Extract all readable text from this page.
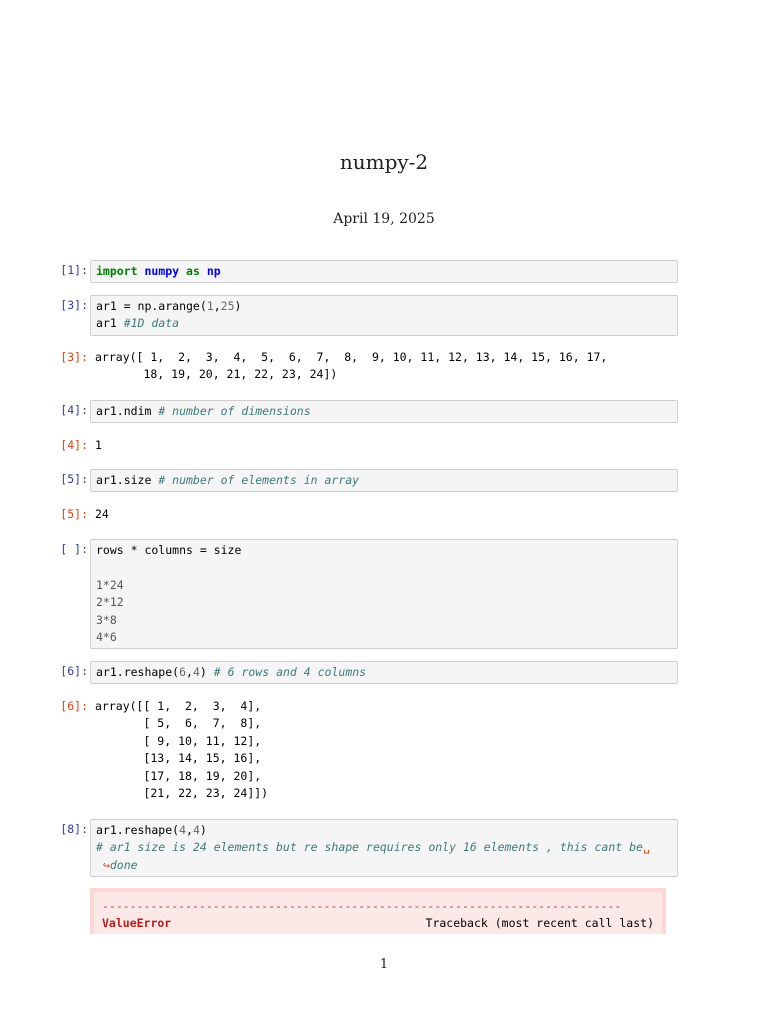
numpy-2
April 19, 2025
[1]: import numpy as np
[3]: ar1 = np.arange(1,25)
ar1 #1D data
[3]: array([ 1,  2,  3,  4,  5,  6,  7,  8,  9, 10, 11, 12, 13, 14, 15, 16, 17,
18, 19, 20, 21, 22, 23, 24])
[4]: ar1.ndim # number of dimensions
[4]: 1
[5]: ar1.size # number of elements in array
[5]: 24
[ ]: rows * columns = size

1*24
2*12
3*8
4*6
[6]: ar1.reshape(6,4) # 6 rows and 4 columns
[6]: array([[ 1,  2,  3,  4],
[ 5,  6,  7,  8],
[ 9, 10, 11, 12],
[13, 14, 15, 16],
[17, 18, 19, 20],
[21, 22, 23, 24]])
[8]: ar1.reshape(4,4)
# ar1 size is 24 elements but re shape requires only 16 elements , this cant be␣
↪done
---------------------------------------------------------------------------
ValueError	Traceback (most recent call last)
1
